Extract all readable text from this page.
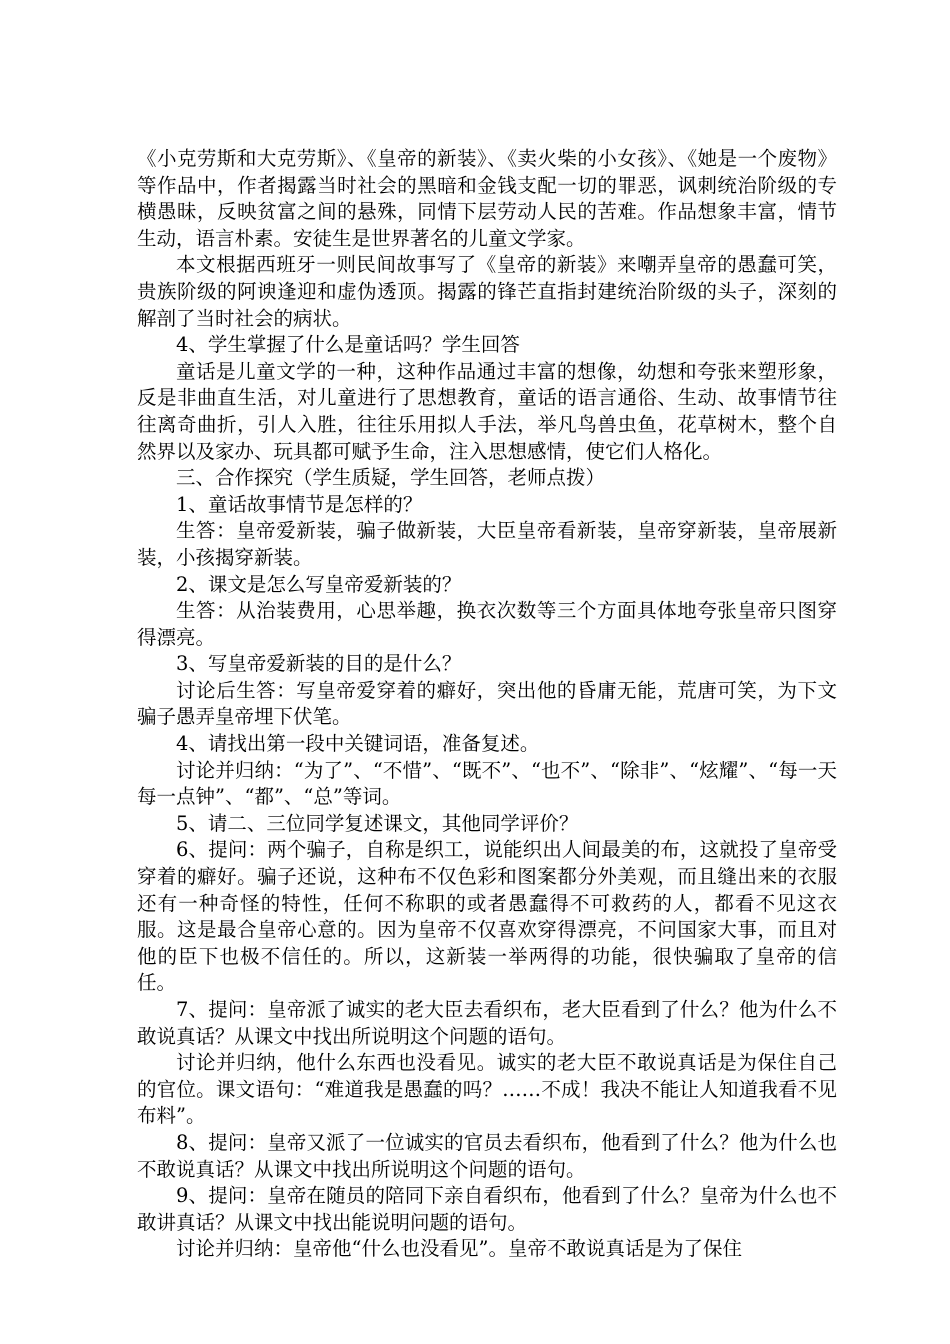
《小克劳斯和大克劳斯》、《皇帝的新装》、《卖火柴的小女孩》、《她是一个废物》等作品中，作者揭露当时社会的黑暗和金钱支配一切的罪恶，讽刺统治阶级的专横愚昧，反映贫富之间的悬殊，同情下层劳动人民的苦难。作品想象丰富，情节生动，语言朴素。安徒生是世界著名的儿童文学家。

本文根据西班牙一则民间故事写了《皇帝的新装》来嘲弄皇帝的愚蠢可笑，贵族阶级的阿谀逢迎和虚伪透顶。揭露的锋芒直指封建统治阶级的头子，深刻的解剖了当时社会的病状。

4、学生掌握了什么是童话吗？学生回答

童话是儿童文学的一种，这种作品通过丰富的想像，幼想和夸张来塑形象，反是非曲直生活，对儿童进行了思想教育，童话的语言通俗、生动、故事情节往往离奇曲折，引人入胜，往往乐用拟人手法，举凡鸟兽虫鱼，花草树木，整个自然界以及家办、玩具都可赋予生命，注入思想感情，使它们人格化。

三、合作探究（学生质疑，学生回答，老师点拨）

1、童话故事情节是怎样的？

生答：皇帝爱新装，骗子做新装，大臣皇帝看新装，皇帝穿新装，皇帝展新装，小孩揭穿新装。

2、课文是怎么写皇帝爱新装的？

生答：从治装费用，心思举趣，换衣次数等三个方面具体地夸张皇帝只图穿得漂亮。

3、写皇帝爱新装的目的是什么？

讨论后生答：写皇帝爱穿着的癖好，突出他的昏庸无能，荒唐可笑，为下文骗子愚弄皇帝埋下伏笔。

4、请找出第一段中关键词语，准备复述。

讨论并归纳：“为了”、“不惜”、“既不”、“也不”、“除非”、“炫耀”、“每一天每一点钟”、“都”、“总”等词。

5、请二、三位同学复述课文，其他同学评价？

6、提问：两个骗子，自称是织工，说能织出人间最美的布，这就投了皇帝受穿着的癖好。骗子还说，这种布不仅色彩和图案都分外美观，而且缝出来的衣服还有一种奇怪的特性，任何不称职的或者愚蠢得不可救药的人，都看不见这衣服。这是最合皇帝心意的。因为皇帝不仅喜欢穿得漂亮，不问国家大事，而且对他的臣下也极不信任的。所以，这新装一举两得的功能，很快骗取了皇帝的信任。

7、提问：皇帝派了诚实的老大臣去看织布，老大臣看到了什么？他为什么不敢说真话？从课文中找出所说明这个问题的语句。

讨论并归纳，他什么东西也没看见。诚实的老大臣不敢说真话是为保住自己的官位。课文语句：“难道我是愚蠢的吗？……不成！我决不能让人知道我看不见布料”。

8、提问：皇帝又派了一位诚实的官员去看织布，他看到了什么？他为什么也不敢说真话？从课文中找出所说明这个问题的语句。

9、提问：皇帝在随员的陪同下亲自看织布，他看到了什么？皇帝为什么也不敢讲真话？从课文中找出能说明问题的语句。

讨论并归纳：皇帝他“什么也没看见”。皇帝不敢说真话是为了保住
